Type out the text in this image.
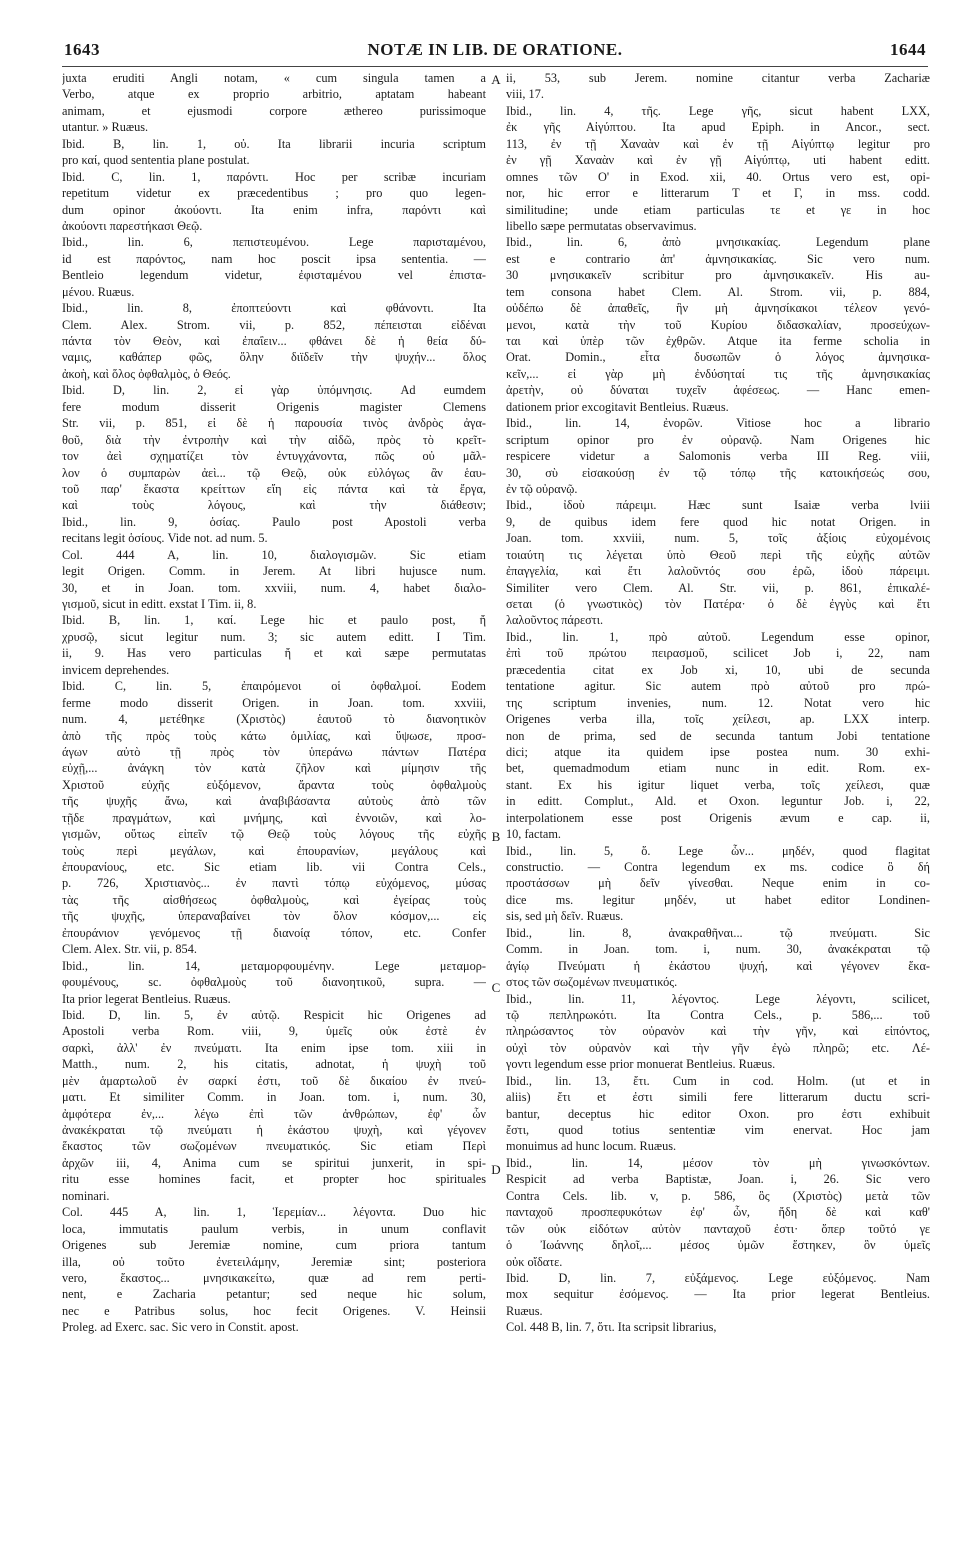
1643	NOTÆ IN LIB. DE ORATIONE.	1644
juxta eruditi Angli notam, « cum singula tamen a
Verbo, atque ex proprio arbitrio, aptatam habeant
animam, et ejusmodi corpore æthereo purissimoque
utantur. » Ruæus.
Ibid. B, lin. 1, οὐ. Ita librarii incuria scriptum
pro καί, quod sententia plane postulat.
Ibid. C, lin. 1, παρόντι. Hoc per scribæ incuriam
repetitum videtur ex præcedentibus ; pro quo legen-
dum opinor ἀκούοντι. Ita enim infra, παρόντι καὶ
ἀκούοντι παρεστήκασι Θεῷ.
Ibid., lin. 6, πεπιστευμένου. Lege παρισταμένου,
id est παρόντος, nam hoc poscit ipsa sententia. —
Bentleio legendum videtur, ἐφισταμένου vel ἐπιστα-
μένου. Ruæus.
Ibid., lin. 8, ἐποπτεύοντι καὶ φθάνοντι. Ita
Clem. Alex. Strom. vii, p. 852, πέπεισται εἰδέναι
πάντα τὸν Θεὸν, καὶ ἐπαΐειν... φθάνει δὲ ἡ θεία δύ-
ναμις, καθάπερ φῶς, ὅλην διϊδεῖν τὴν ψυχήν... ὅλος
ἀκοὴ, καὶ ὅλος ὀφθαλμὸς, ὁ Θεός.
Ibid. D, lin. 2, εἰ γὰρ ὑπόμνησις. Ad eumdem
fere modum disserit Origenis magister Clemens
Str. vii, p. 851, εἰ δὲ ἡ παρουσία τινὸς ἀνδρὸς ἀγα-
θοῦ, διὰ τὴν ἐντροπὴν καὶ τὴν αἰδῶ, πρὸς τὸ κρεῖτ-
τον ἀεὶ σχηματίζει τὸν ἐντυγχάνοντα, πῶς οὐ μᾶλ-
λον ὁ συμπαρὼν ἀεὶ... τῷ Θεῷ, οὐκ εὐλόγως ἂν ἑαυ-
τοῦ παρ' ἕκαστα κρείττων εἴη εἰς πάντα καὶ τὰ ἔργα,
καὶ τοὺς λόγους, καὶ τὴν διάθεσιν;
Ibid., lin. 9, ὁσίας. Paulo post Apostoli verba
recitans legit ὁσίους. Vide not. ad num. 5.
Col. 444 A, lin. 10, διαλογισμῶν. Sic etiam
legit Origen. Comm. in Jerem. At libri hujusce num.
30, et in Joan. tom. xxviii, num. 4, habet διαλο-
γισμοῦ, sicut in editt. exstat I Tim. ii, 8.
Ibid. B, lin. 1, καί. Lege hic et paulo post, ἤ
χρυσῷ, sicut legitur num. 3; sic autem editt. I Tim.
ii, 9. Has vero particulas ἤ et καὶ sæpe permutatas
invicem deprehendes.
Ibid. C, lin. 5, ἐπαιρόμενοι οἱ ὀφθαλμοί. Eodem
ferme modo disserit Origen. in Joan. tom. xxviii,
num. 4, μετέθηκε (Χριστὸς) ἑαυτοῦ τὸ διανοητικὸν
ἀπὸ τῆς πρὸς τοὺς κάτω ὁμιλίας, καὶ ὕψωσε, προσ-
άγων αὐτὸ τῇ πρὸς τὸν ὑπεράνω πάντων Πατέρα
εὐχῇ,... ἀνάγκη τὸν κατὰ ζῆλον καὶ μίμησιν τῆς
Χριστοῦ εὐχῆς εὐξόμενον, ἄραντα τοὺς ὀφθαλμοὺς
τῆς ψυχῆς ἄνω, καὶ ἀναβιβάσαντα αὐτοὺς ἀπὸ τῶν
τῇδε πραγμάτων, καὶ μνήμης, καὶ ἐννοιῶν, καὶ λο-
γισμῶν, οὕτως εἰπεῖν τῷ Θεῷ τοὺς λόγους τῆς εὐχῆς
τοὺς περὶ μεγάλων, καὶ ἐπουρανίων, μεγάλους καὶ
ἐπουρανίους, etc. Sic etiam lib. vii Contra Cels.,
p. 726, Χριστιανὸς... ἐν παντὶ τόπῳ εὐχόμενος, μύσας
τὰς τῆς αἰσθήσεως ὀφθαλμοὺς, καὶ ἐγείρας τοὺς
τῆς ψυχῆς, ὑπεραναβαίνει τὸν ὅλον κόσμον,... εἰς
ἐπουράνιον γενόμενος τῇ διανοίᾳ τόπον, etc. Confer
Clem. Alex. Str. vii, p. 854.
Ibid., lin. 14, μεταμορφουμένην. Lege μεταμορ-
φουμένους, sc. ὀφθαλμοὺς τοῦ διανοητικοῦ, supra. —
Ita prior legerat Bentleius. Ruæus.
Ibid. D, lin. 5, ἐν αὐτῷ. Respicit hic Origenes ad
Apostoli verba Rom. viii, 9, ὑμεῖς οὐκ ἐστὲ ἐν
σαρκὶ, ἀλλ' ἐν πνεύματι. Ita enim ipse tom. xiii in
Matth., num. 2, his citatis, adnotat, ἡ ψυχὴ τοῦ
μὲν ἁμαρτωλοῦ ἐν σαρκί ἐστι, τοῦ δὲ δικαίου ἐν πνεύ-
ματι. Et similiter Comm. in Joan. tom. i, num. 30,
ἀμφότερα ἐν,... λέγω ἐπὶ τῶν ἀνθρώπων, ἐφ' ὧν
ἀνακέκραται τῷ πνεύματι ἡ ἑκάστου ψυχὴ, καὶ γέγονεν
ἕκαστος τῶν σωζομένων πνευματικός. Sic etiam Περὶ
ἀρχῶν iii, 4, Anima cum se spiritui junxerit, in spi-
ritu esse homines facit, et propter hoc spirituales
nominari.
Col. 445 A, lin. 1, Ἱερεμίαν... λέγοντα. Duo hic
loca, immutatis paulum verbis, in unum conflavit
Origenes sub Jeremiæ nomine, cum priora tantum
illa, οὐ τοῦτο ἐνετειλάμην, Jeremiæ sint; posteriora
vero, ἕκαστος... μνησικακείτω, quæ ad rem perti-
nent, e Zacharia petantur; sed neque hic solum,
nec e Patribus solus, hoc fecit Origenes. V. Heinsii
Proleg. ad Exerc. sac. Sic vero in Constit. apost.
ii, 53, sub Jerem. nomine citantur verba Zachariæ
viii, 17.
Ibid., lin. 4, τῆς. Lege γῆς, sicut habent LXX,
ἐκ γῆς Αἰγύπτου. Ita apud Epiph. in Ancor., sect.
113, ἐν τῇ Χαναὰν καὶ ἐν τῇ Αἰγύπτῳ legitur pro
ἐν γῇ Χαναὰν καὶ ἐν γῇ Αἰγύπτῳ, uti habent editt.
omnes τῶν Ο' in Exod. xii, 40. Ortus vero est, opi-
nor, hic error e litterarum Τ et Γ, in mss. codd.
similitudine; unde etiam particulas τε et γε in hoc
libello sæpe permutatas observavimus.
Ibid., lin. 6, ἀπὸ μνησικακίας. Legendum plane
est e contrario ἀπ' ἀμνησικακίας. Sic vero num.
30 μνησικακεῖν scribitur pro ἀμνησικακεῖν. His au-
tem consona habet Clem. Al. Strom. vii, p. 884,
οὐδέπω δὲ ἀπαθεῖς, ἣν μὴ ἀμνησίκακοι τέλεον γενό-
μενοι, κατὰ τὴν τοῦ Κυρίου διδασκαλίαν, προσεύχων-
ται καὶ ὑπὲρ τῶν ἐχθρῶν. Atque ita ferme scholia in
Orat. Domin., εἶτα δυσωπῶν ὁ λόγος ἀμνησικα-
κεῖν,... εἰ γὰρ μὴ ἐνδύσηταί τις τῆς ἀμνησικακίας
ἀρετὴν, οὐ δύναται τυχεῖν ἀφέσεως. — Hanc emen-
dationem prior excogitavit Bentleius. Ruæus.
Ibid., lin. 14, ἐνορῶν. Vitiose hoc a librario
scriptum opinor pro ἐν οὐρανῷ. Nam Origenes hic
respicere videtur a Salomonis verba III Reg. viii,
30, σὺ εἰσακούσῃ ἐν τῷ τόπῳ τῆς κατοικήσεώς σου,
ἐν τῷ οὐρανῷ.
Ibid., ἰδοὺ πάρειμι. Hæc sunt Isaiæ verba lviii
9, de quibus idem fere quod hic notat Origen. in
Joan. tom. xxviii, num. 5, τοῖς ἀξίοις εὐχομένοις
τοιαύτη τις λέγεται ὑπὸ Θεοῦ περὶ τῆς εὐχῆς αὐτῶν
ἐπαγγελία, καὶ ἔτι λαλοῦντός σου ἐρῶ, ἰδοὺ πάρειμι.
Similiter vero Clem. Al. Str. vii, p. 861, ἐπικαλέ-
σεται (ὁ γνωστικὸς) τὸν Πατέρα· ὁ δὲ ἐγγὺς καὶ ἔτι
λαλοῦντος πάρεστι.
Ibid., lin. 1, πρὸ αὐτοῦ. Legendum esse opinor,
ἐπὶ τοῦ πρώτου πειρασμοῦ, scilicet Job i, 22, nam
præcedentia citat ex Job xi, 10, ubi de secunda
tentatione agitur. Sic autem πρὸ αὐτοῦ pro πρώ-
της scriptum invenies, num. 12. Notat vero hic
Origenes verba illa, τοῖς χείλεσι, ap. LXX interp.
non de prima, sed de secunda tantum Jobi tentatione
dici; atque ita quidem ipse postea num. 30 exhi-
bet, quemadmodum etiam nunc in edit. Rom. ex-
stant. Ex his igitur liquet verba, τοῖς χείλεσι, quæ
in editt. Complut., Ald. et Oxon. leguntur Job. i, 22,
interpolationem esse post Origenis ævum e cap. ii,
10, factam.
Ibid., lin. 5, ὅ. Lege ὧν... μηδέν, quod flagitat
constructio. — Contra legendum ex ms. codice ὃ δή
προστάσσων μὴ δεῖν γίνεσθαι. Neque enim in co-
dice ms. legitur μηδέν, ut habet editor Londinen-
sis, sed μὴ δεῖν. Ruæus.
Ibid., lin. 8, ἀνακραθῆναι... τῷ πνεύματι. Sic
Comm. in Joan. tom. i, num. 30, ἀνακέκραται τῷ
ἁγίῳ Πνεύματι ἡ ἑκάστου ψυχή, καὶ γέγονεν ἕκα-
στος τῶν σωζομένων πνευματικός.
Ibid., lin. 11, λέγοντος. Lege λέγοντι, scilicet,
τῷ πεπληρωκότι. Ita Contra Cels., p. 586,... τοῦ
πληρώσαντος τὸν οὐρανὸν καὶ τὴν γῆν, καὶ εἰπόντος,
οὐχὶ τὸν οὐρανὸν καὶ τὴν γῆν ἐγὼ πληρῶ; etc. Λέ-
γοντι legendum esse prior monuerat Bentleius. Ruæus.
Ibid., lin. 13, ἔτι. Cum in cod. Holm. (ut et in
aliis) ἔτι et ἐστι simili fere litterarum ductu scri-
bantur, deceptus hic editor Oxon. pro ἐστι exhibuit
ἔστι, quod totius sententiæ vim enervat. Hoc jam
monuimus ad hunc locum. Ruæus.
Ibid., lin. 14, μέσον τὸν μὴ γινωσκόντων.
Respicit ad verba Baptistæ, Joan. i, 26. Sic vero
Contra Cels. lib. v, p. 586, ὃς (Χριστὸς) μετὰ τῶν
πανταχοῦ προσπεφυκότων ἐφ' ὧν, ἤδη δὲ καὶ καθ'
τῶν οὐκ εἰδότων αὐτὸν πανταχοῦ ἐστι· ὅπερ τοῦτό γε
ὁ Ἰωάννης δηλοῖ,... μέσος ὑμῶν ἕστηκεν, ὃν ὑμεῖς
οὐκ οἴδατε.
Ibid. D, lin. 7, εὐξάμενος. Lege εὐξόμενος. Nam
mox sequitur ἐσόμενος. — Ita prior legerat Bentleius.
Ruæus.
Col. 448 B, lin. 7, ὅτι. Ita scripsit librarius,
A
B
C
D
